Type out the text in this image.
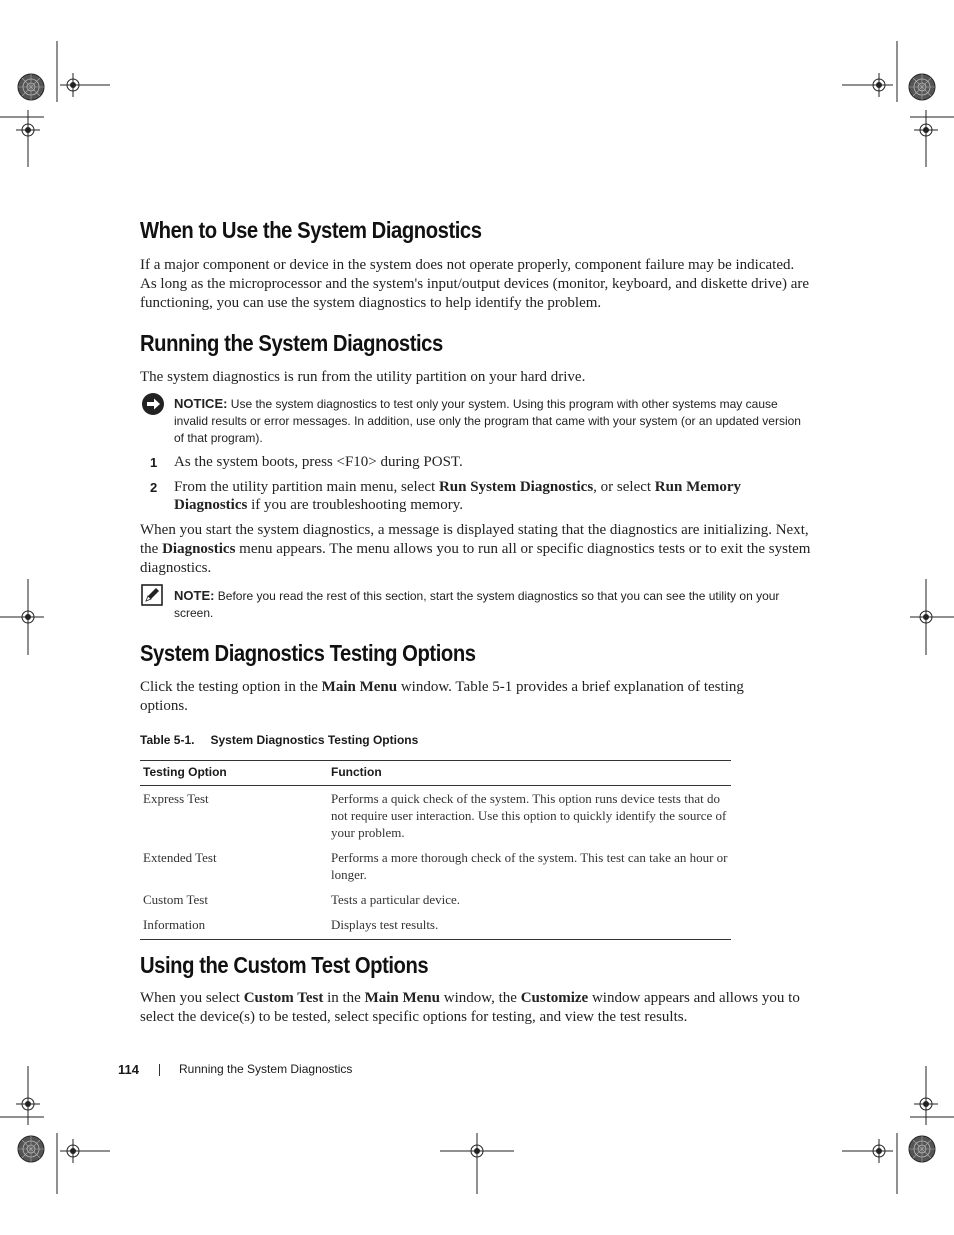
When to Use the System Diagnostics

If a major component or device in the system does not operate properly, component failure may be indicated. As long as the microprocessor and the system's input/output devices (monitor, keyboard, and diskette drive) are functioning, you can use the system diagnostics to help identify the problem.

Running the System Diagnostics

The system diagnostics is run from the utility partition on your hard drive.

NOTICE: Use the system diagnostics to test only your system. Using this program with other systems may cause invalid results or error messages. In addition, use only the program that came with your system (or an updated version of that program).

1 As the system boots, press <F10> during POST.

2 From the utility partition main menu, select Run System Diagnostics, or select Run Memory Diagnostics if you are troubleshooting memory.

When you start the system diagnostics, a message is displayed stating that the diagnostics are initializing. Next, the Diagnostics menu appears. The menu allows you to run all or specific diagnostics tests or to exit the system diagnostics.

NOTE: Before you read the rest of this section, start the system diagnostics so that you can see the utility on your screen.

System Diagnostics Testing Options

Click the testing option in the Main Menu window. Table 5-1 provides a brief explanation of testing options.

Table 5-1. System Diagnostics Testing Options
Testing Option	Function
Express Test	Performs a quick check of the system. This option runs device tests that do not require user interaction. Use this option to quickly identify the source of your problem.
Extended Test	Performs a more thorough check of the system. This test can take an hour or longer.
Custom Test	Tests a particular device.
Information	Displays test results.
Using the Custom Test Options

When you select Custom Test in the Main Menu window, the Customize window appears and allows you to select the device(s) to be tested, select specific options for testing, and view the test results.

114	Running the System Diagnostics
